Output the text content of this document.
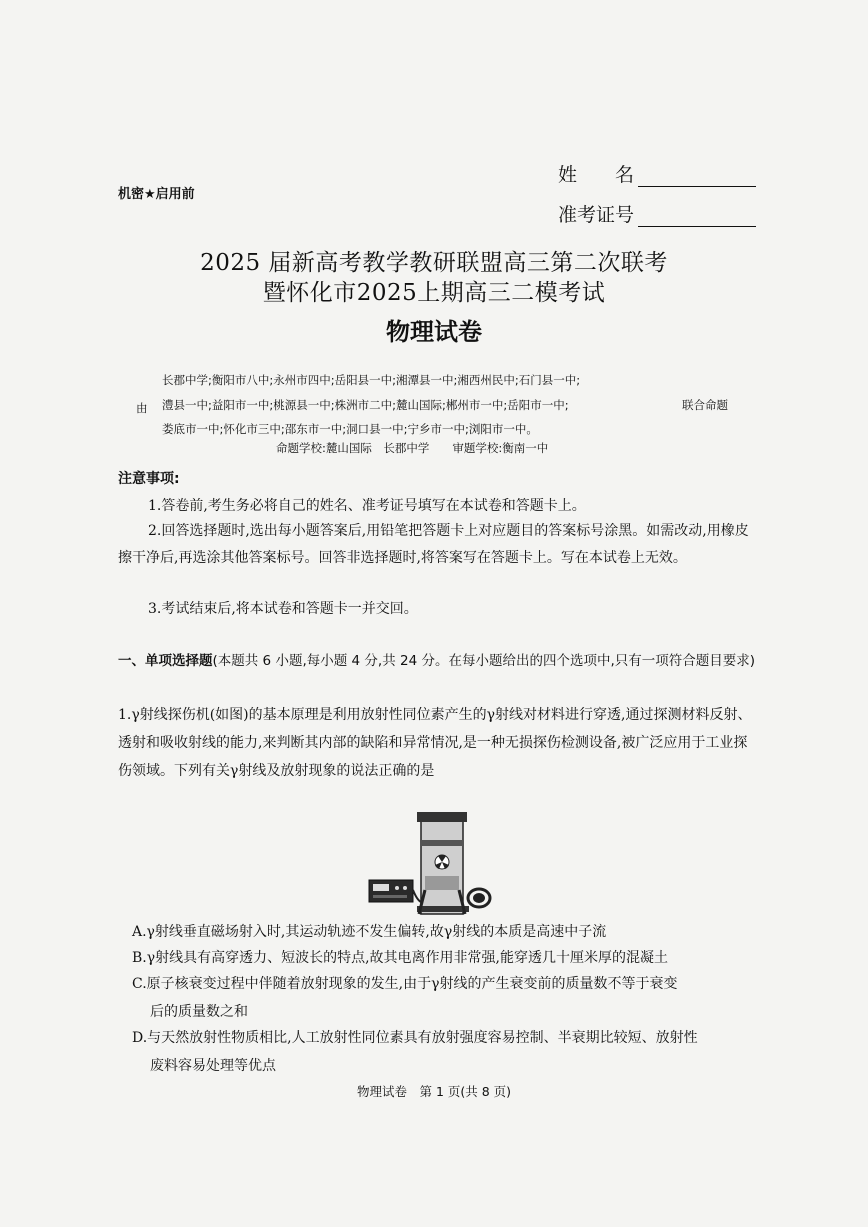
机密★启用前
姓　　名
准考证号
2025 届新高考教学教研联盟高三第二次联考
暨怀化市2025上期高三二模考试
物理试卷
长郡中学;衡阳市八中;永州市四中;岳阳县一中;湘潭县一中;湘西州民中;石门县一中;
由 澧县一中;益阳市一中;桃源县一中;株洲市二中;麓山国际;郴州市一中;岳阳市一中;	联合命题
娄底市一中;怀化市三中;邵东市一中;洞口县一中;宁乡市一中;浏阳市一中。
命题学校:麓山国际　长郡中学　　审题学校:衡南一中
注意事项:
1.答卷前,考生务必将自己的姓名、准考证号填写在本试卷和答题卡上。
2.回答选择题时,选出每小题答案后,用铅笔把答题卡上对应题目的答案标号涂黑。如需改动,用橡皮擦干净后,再选涂其他答案标号。回答非选择题时,将答案写在答题卡上。写在本试卷上无效。
3.考试结束后,将本试卷和答题卡一并交回。
一、单项选择题(本题共 6 小题,每小题 4 分,共 24 分。在每小题给出的四个选项中,只有一项符合题目要求)
1.γ射线探伤机(如图)的基本原理是利用放射性同位素产生的γ射线对材料进行穿透,通过探测材料反射、透射和吸收射线的能力,来判断其内部的缺陷和异常情况,是一种无损探伤检测设备,被广泛应用于工业探伤领域。下列有关γ射线及放射现象的说法正确的是
A.γ射线垂直磁场射入时,其运动轨迹不发生偏转,故γ射线的本质是高速中子流
B.γ射线具有高穿透力、短波长的特点,故其电离作用非常强,能穿透几十厘米厚的混凝土
C.原子核衰变过程中伴随着放射现象的发生,由于γ射线的产生衰变前的质量数不等于衰变
后的质量数之和
D.与天然放射性物质相比,人工放射性同位素具有放射强度容易控制、半衰期比较短、放射性
废料容易处理等优点
物理试卷　第 1 页(共 8 页)
